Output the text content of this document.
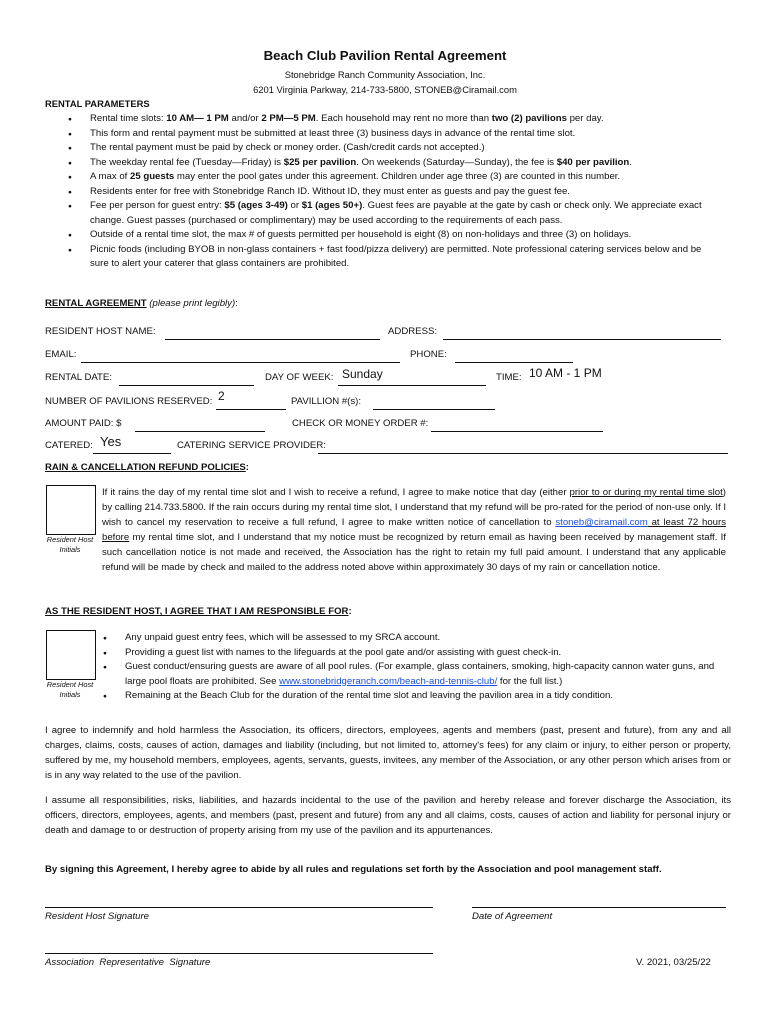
Beach Club Pavilion Rental Agreement
Stonebridge Ranch Community Association, Inc.
6201 Virginia Parkway, 214-733-5800, STONEB@Ciramail.com
RENTAL PARAMETERS
● Rental time slots: 10 AM— 1 PM and/or 2 PM—5 PM. Each household may rent no more than two (2) pavilions per day.
● This form and rental payment must be submitted at least three (3) business days in advance of the rental time slot.
● The rental payment must be paid by check or money order. (Cash/credit cards not accepted.)
● The weekday rental fee (Tuesday—Friday) is $25 per pavilion. On weekends (Saturday—Sunday), the fee is $40 per pavilion.
● A max of 25 guests may enter the pool gates under this agreement. Children under age three (3) are counted in this number.
● Residents enter for free with Stonebridge Ranch ID. Without ID, they must enter as guests and pay the guest fee.
● Fee per person for guest entry: $5 (ages 3-49) or $1 (ages 50+). Guest fees are payable at the gate by cash or check only. We appreciate exact change. Guest passes (purchased or complimentary) may be used according to the requirements of each pass.
● Outside of a rental time slot, the max # of guests permitted per household is eight (8) on non-holidays and three (3) on holidays.
● Picnic foods (including BYOB in non-glass containers + fast food/pizza delivery) are permitted. Note professional catering services below and be sure to alert your caterer that glass containers are prohibited.
RENTAL AGREEMENT (please print legibly):
RESIDENT HOST NAME:	ADDRESS:
EMAIL:	PHONE:
RENTAL DATE:	DAY OF WEEK: Sunday	TIME: 10 AM - 1 PM
NUMBER OF PAVILIONS RESERVED: 2	PAVILLION #(s):
AMOUNT PAID: $	CHECK OR MONEY ORDER #:
CATERED: Yes	CATERING SERVICE PROVIDER:
RAIN & CANCELLATION REFUND POLICIES:
Resident Host Initials
If it rains the day of my rental time slot and I wish to receive a refund, I agree to make notice that day (either prior to or during my rental time slot) by calling 214.733.5800. If the rain occurs during my rental time slot, I understand that my refund will be pro-rated for the period of non-use only. If I wish to cancel my reservation to receive a full refund, I agree to make written notice of cancellation to stoneb@ciramail.com at least 72 hours before my rental time slot, and I understand that my notice must be recognized by return email as having been received by management staff. If such cancellation notice is not made and received, the Association has the right to retain my full paid amount. I understand that any applicable refund will be made by check and mailed to the address noted above within approximately 30 days of my rain or cancellation notice.
AS THE RESIDENT HOST, I AGREE THAT I AM RESPONSIBLE FOR:
Resident Host Initials
● Any unpaid guest entry fees, which will be assessed to my SRCA account.
● Providing a guest list with names to the lifeguards at the pool gate and/or assisting with guest check-in.
● Guest conduct/ensuring guests are aware of all pool rules. (For example, glass containers, smoking, high-capacity cannon water guns, and large pool floats are prohibited. See www.stonebridgeranch.com/beach-and-tennis-club/ for the full list.)
● Remaining at the Beach Club for the duration of the rental time slot and leaving the pavilion area in a tidy condition.
I agree to indemnify and hold harmless the Association, its officers, directors, employees, agents and members (past, present and future), from any and all charges, claims, costs, causes of action, damages and liability (including, but not limited to, attorney's fees) for any claim or injury, to either person or property, suffered by me, my household members, employees, agents, servants, guests, invitees, any member of the Association, or any other person which arises from or is in any way related to the use of the pavilion.
I assume all responsibilities, risks, liabilities, and hazards incidental to the use of the pavilion and hereby release and forever discharge the Association, its officers, directors, employees, agents, and members (past, present and future) from any and all claims, costs, causes of action and liability for personal injury or death and damage to or destruction of property arising from my use of the pavilion and its appurtenances.
By signing this Agreement, I hereby agree to abide by all rules and regulations set forth by the Association and pool management staff.
Resident Host Signature	Date of Agreement
Association  Representative  Signature	V. 2021, 03/25/22
